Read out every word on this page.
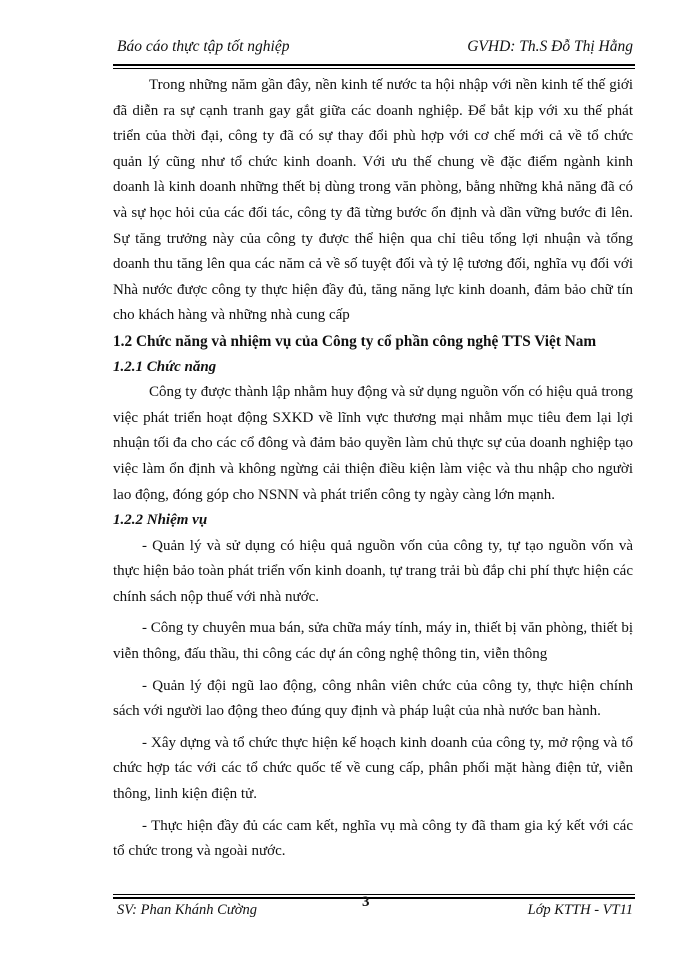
Báo cáo thực tập tốt nghiệp	GVHD: Th.S Đỗ Thị Hằng

Trong những năm gần đây, nền kinh tế nước ta hội nhập với nền kinh tế thế giới đã diễn ra sự cạnh tranh gay gắt giữa các doanh nghiệp. Để bắt kịp với xu thế phát triển của thời đại, công ty đã có sự thay đổi phù hợp với cơ chế mới cả về tổ chức quản lý cũng như tổ chức kinh doanh. Với ưu thế chung về đặc điểm ngành kinh doanh là kinh doanh những thết bị dùng trong văn phòng, bằng những khả năng đã có và sự học hỏi của các đối tác, công ty đã từng bước ổn định và dần vững bước đi lên. Sự tăng trưởng này của công ty được thể hiện qua chỉ tiêu tổng lợi nhuận và tổng doanh thu tăng lên qua các năm cả về số tuyệt đối và tỷ lệ tương đối, nghĩa vụ đối với Nhà nước được công ty thực hiện đầy đủ, tăng năng lực kinh doanh, đảm bảo chữ tín cho khách hàng và những nhà cung cấp

1.2 Chức năng và nhiệm vụ của Công ty cổ phần công nghệ TTS Việt Nam

1.2.1 Chức năng

Công ty được thành lập nhằm huy động và sử dụng nguồn vốn có hiệu quả trong việc phát triển hoạt động SXKD về lĩnh vực thương mại nhằm mục tiêu đem lại lợi nhuận tối đa cho các cổ đông và đảm bảo quyền làm chủ thực sự của doanh nghiệp tạo việc làm ổn định và không ngừng cải thiện điều kiện làm việc và thu nhập cho người lao động, đóng góp cho NSNN và phát triển công ty ngày càng lớn mạnh.

1.2.2 Nhiệm vụ

- Quản lý và sử dụng có hiệu quả nguồn vốn của công ty, tự tạo nguồn vốn và thực hiện bảo toàn phát triển vốn kinh doanh, tự trang trải bù đắp chi phí thực hiện các chính sách nộp thuế với nhà nước.

- Công ty chuyên mua bán, sửa chữa máy tính, máy in, thiết bị văn phòng, thiết bị viễn thông, đấu thầu, thi công các dự án công nghệ thông tin, viễn thông

- Quản lý đội ngũ lao động, công nhân viên chức của công ty, thực hiện chính sách với người lao động theo đúng quy định và pháp luật của nhà nước ban hành.

- Xây dựng và tổ chức thực hiện kế hoạch kinh doanh của công ty, mở rộng và tổ chức hợp tác với các tổ chức quốc tế về cung cấp, phân phối mặt hàng điện tử, viễn thông, linh kiện điện tử.

- Thực hiện đầy đủ các cam kết, nghĩa vụ mà công ty đã tham gia ký kết với các tổ chức trong và ngoài nước.

SV: Phan Khánh Cường	3	Lớp KTTH - VT11
